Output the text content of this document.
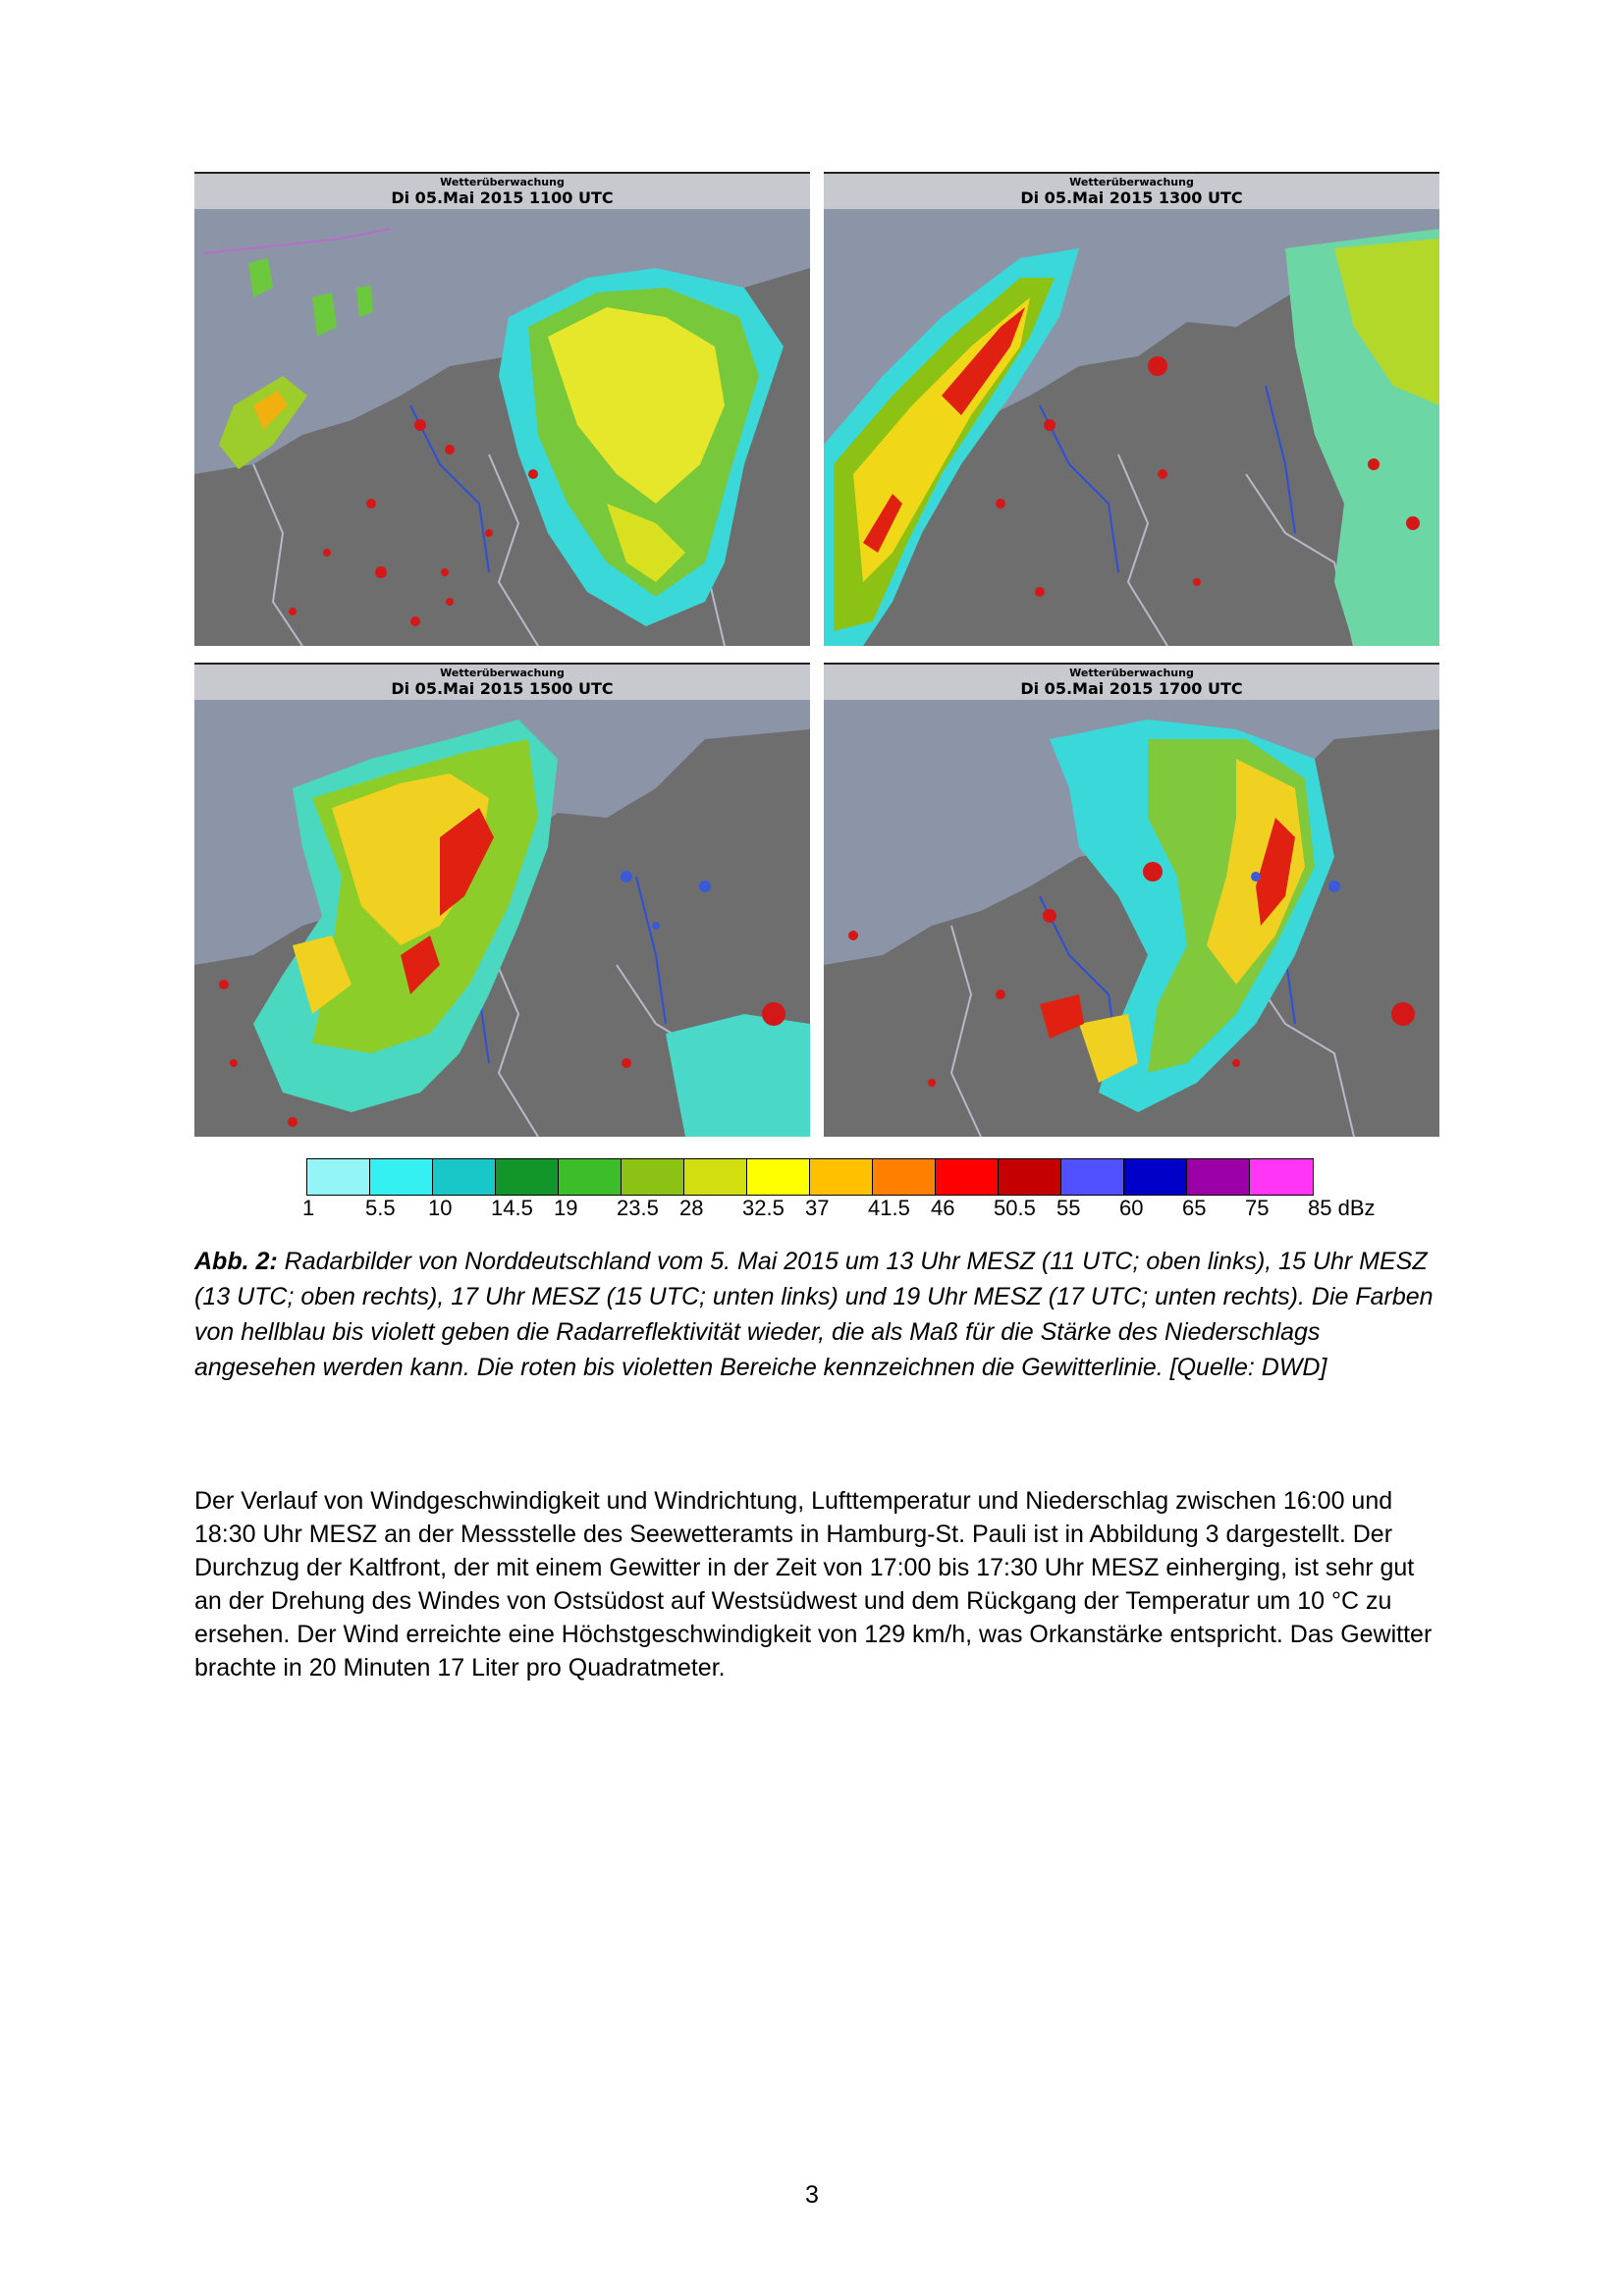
Wetterüberwachung
Di 05.Mai 2015 1100 UTC
Wetterüberwachung
Di 05.Mai 2015 1300 UTC
Wetterüberwachung
Di 05.Mai 2015 1500 UTC
Wetterüberwachung
Di 05.Mai 2015 1700 UTC
1 5.5 10 14.5 19 23.5 28 32.5 37 41.5 46 50.5 55 60 65 75 85 dBz
Abb. 2: Radarbilder von Norddeutschland vom 5. Mai 2015 um 13 Uhr MESZ (11 UTC; oben links), 15 Uhr MESZ (13 UTC; oben rechts), 17 Uhr MESZ (15 UTC; unten links) und 19 Uhr MESZ (17 UTC; unten rechts). Die Farben von hellblau bis violett geben die Radarreflektivität wieder, die als Maß für die Stärke des Niederschlags angesehen werden kann. Die roten bis violetten Bereiche kennzeichnen die Gewitterlinie. [Quelle: DWD]
Der Verlauf von Windgeschwindigkeit und Windrichtung, Lufttemperatur und Niederschlag zwischen 16:00 und 18:30 Uhr MESZ an der Messstelle des Seewetteramts in Hamburg-St. Pauli ist in Abbildung 3 dargestellt. Der Durchzug der Kaltfront, der mit einem Gewitter in der Zeit von 17:00 bis 17:30 Uhr MESZ einherging, ist sehr gut an der Drehung des Windes von Ostsüdost auf Westsüdwest und dem Rückgang der Temperatur um 10 °C zu ersehen. Der Wind erreichte eine Höchstgeschwindigkeit von 129 km/h, was Orkanstärke entspricht. Das Gewitter brachte in 20 Minuten 17 Liter pro Quadratmeter.
3
